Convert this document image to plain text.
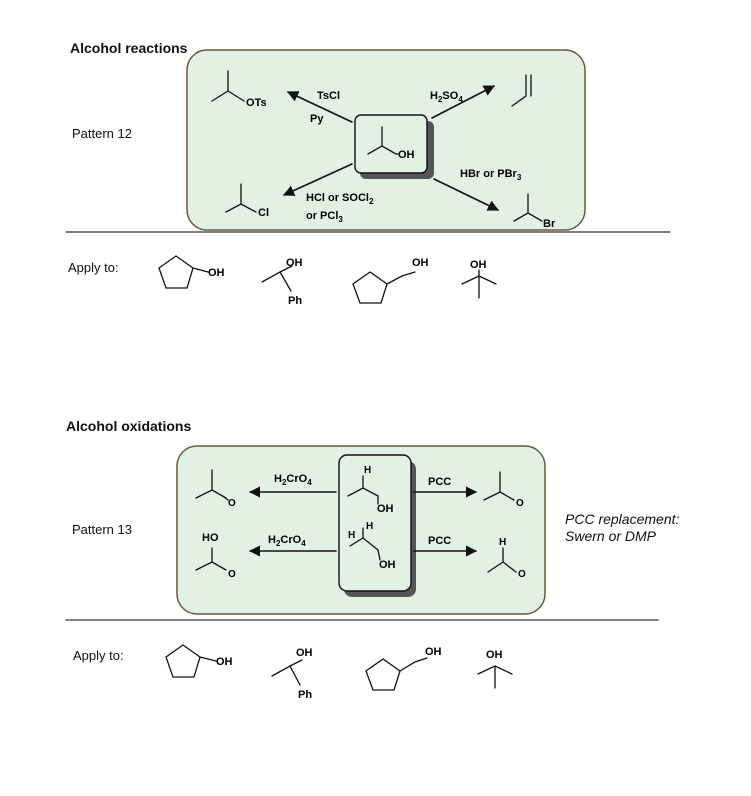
Alcohol reactions
Pattern 12
Apply to:
Alcohol oxidations
Pattern 13
Apply to:
PCC replacement:
Swern or DMP
OTs
OH
Cl
Br
TsCl
Py
$H_2SO_4$
HCl or SOCl$_2$
or PCl$_3$
HBr or PBr$_3$
OH
OH
Ph
OH	OH
H
OH
H
H
OH
O
HO
O
O
H
O
$H_2CrO_4$
$H_2CrO_4$
PCC
PCC
OH
OH
Ph
OH	OH
